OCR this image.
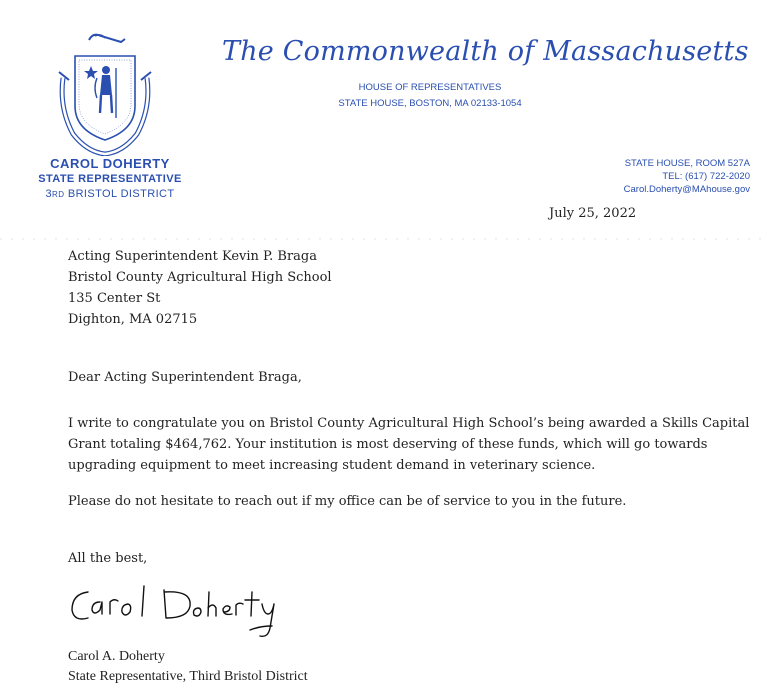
The Commonwealth of Massachusetts
HOUSE OF REPRESENTATIVES
STATE HOUSE, BOSTON, MA 02133-1054
CAROL DOHERTY
STATE REPRESENTATIVE
3RD BRISTOL DISTRICT
STATE HOUSE, ROOM 527A
TEL: (617) 722-2020
Carol.Doherty@MAhouse.gov
July 25, 2022
Acting Superintendent Kevin P. Braga
Bristol County Agricultural High School
135 Center St
Dighton, MA 02715
Dear Acting Superintendent Braga,
I write to congratulate you on Bristol County Agricultural High School’s being awarded a Skills Capital Grant totaling $464,762. Your institution is most deserving of these funds, which will go towards upgrading equipment to meet increasing student demand in veterinary science.
Please do not hesitate to reach out if my office can be of service to you in the future.
All the best,
Carol A. Doherty
State Representative, Third Bristol District
